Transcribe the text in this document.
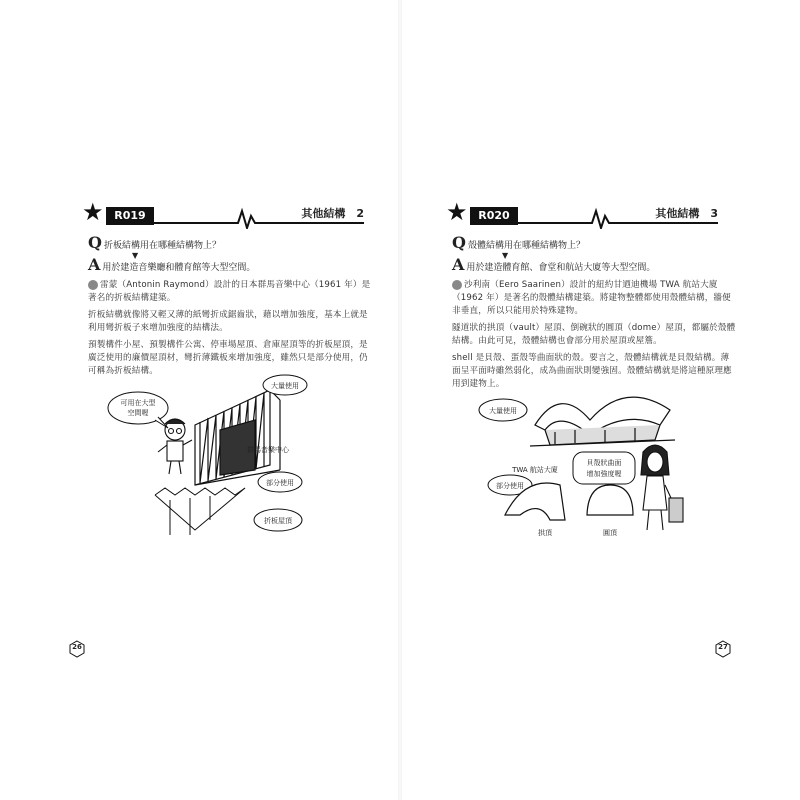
★ R019	其他結構　2
Q折板結構用在哪種結構物上？
▼
A用於建造音樂廳和體育館等大型空間。

雷蒙（Antonin Raymond）設計的日本群馬音樂中心（1961 年）是著名的折板結構建築。

折板結構就像將又輕又薄的紙彎折成鋸齒狀，藉以增加強度，基本上就是利用彎折板子來增加強度的結構法。

預製構件小屋、預製構件公寓、停車場屋頂、倉庫屋頂等的折板屋頂，是廣泛使用的廉價屋頂材，彎折薄鐵板來增加強度，雖然只是部分使用，仍可稱為折板結構。

可用在大型
空間喔
大量使用
群馬音樂中心
部分使用
折板屋頂
26
★ R020	其他結構　3
Q殼體結構用在哪種結構物上？
▼
A用於建造體育館、會堂和航站大廈等大型空間。

沙利南（Eero Saarinen）設計的紐約甘迺迪機場 TWA 航站大廈（1962 年）是著名的殼體結構建築。將建物整體都使用殼體結構，牆便非垂直，所以只能用於特殊建物。

隧道狀的拱頂（vault）屋頂、倒碗狀的圓頂（dome）屋頂，都屬於殼體結構。由此可見，殼體結構也會部分用於屋頂或屋簷。

shell 是貝殼、蛋殼等曲面狀的殼。要言之，殼體結構就是貝殼結構。薄面呈平面時雖然弱化，成為曲面狀則變強固。殼體結構就是將這種原理應用到建物上。

大量使用
TWA 航站大廈
貝殼狀曲面
增加強度喔
部分使用
拱頂	圓頂
27
